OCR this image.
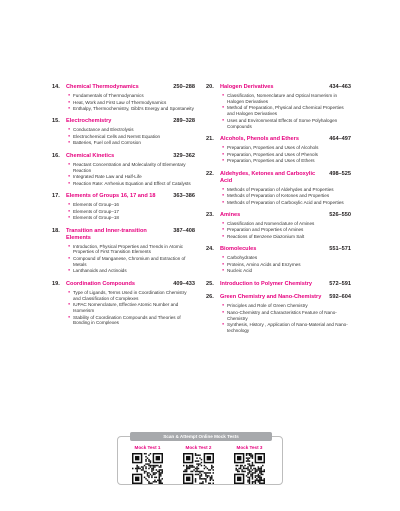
14.	Chemical Thermodynamics	250–288
● Fundamentals of Thermodynamics
● Heat, Work and First Law of Thermodynamics
● Enthalpy, Thermochemistry, Gibb's Energy and Spontaneity
15.	Electrochemistry	289–328
● Conductance and Electrolysis
● Electrochemical Cells and Nernst Equation
● Batteries, Fuel cell and Corrosion
16.	Chemical Kinetics	329–362
● Reactant Concentration and Molecularity of Elementary Reaction
● Integrated Rate Law and Half-Life
● Reaction Rate: Arrhenius Equation and Effect of Catalysts
17.	Elements of Groups 16, 17 and 18	363–386
● Elements of Group–16
● Elements of Group–17
● Elements of Group–18
18.	Transition and Inner-transition Elements
387–408
● Introduction, Physical Properties and Trends in Atomic Properties of First Transition Elements
● Compound of Manganese, Chromium and Extraction of Metals
● Lanthanoids and Actinoids
19.	Coordination Compounds	409–433
● Type of Ligands, Terms Used in Coordination Chemistry and Classification of Complexes
● IUPAC Nomenclature, Effective Atomic Number and Isomerism
● Stability of Coordination Compounds and Theories of Bonding in Complexes
20.	Halogen Derivatives	434–463
● Classification, Nomenclature and Optical Isomerism in Halogen Derivatives
● Method of Preparation, Physical and Chemical Properties and Halogen Derivatives
● Uses and Environmental Effects of Some Polyhalogen Compounds
21.	Alcohols, Phenols and Ethers	464–497
● Preparation, Properties and Uses of Alcohols
● Preparation, Properties and Uses of Phenols
● Preparation, Properties and Uses of Ethers
22.	Aldehydes, Ketones and Carboxylic Acid
498–525
● Methods of Preparation of Aldehydes and Properties
● Methods of Preparation of Ketones and Properties
● Methods of Preparation of Carboxylic Acid and Properties
23.	Amines	526–550
● Classification and Nomenclature of Amines
● Preparation and Properties of Amines
● Reactions of Benzene Diazonium Salt
24.	Biomolecules	551–571
● Carbohydrates
● Proteins, Amino Acids and Enzymes
● Nucleic Acid
25.	Introduction to Polymer Chemistry	572–591
26.	Green Chemistry and Nano-Chemistry	592–604
● Principles and Role of Green Chemistry
● Nano-Chemistry and Characteristics Feature of Nano-Chemistry
● Synthesis, History , Application of Nano-Material and Nano-technology
Scan & Attempt Online Mock Tests
Mock Test 1	Mock Test 2	Mock Test 3
